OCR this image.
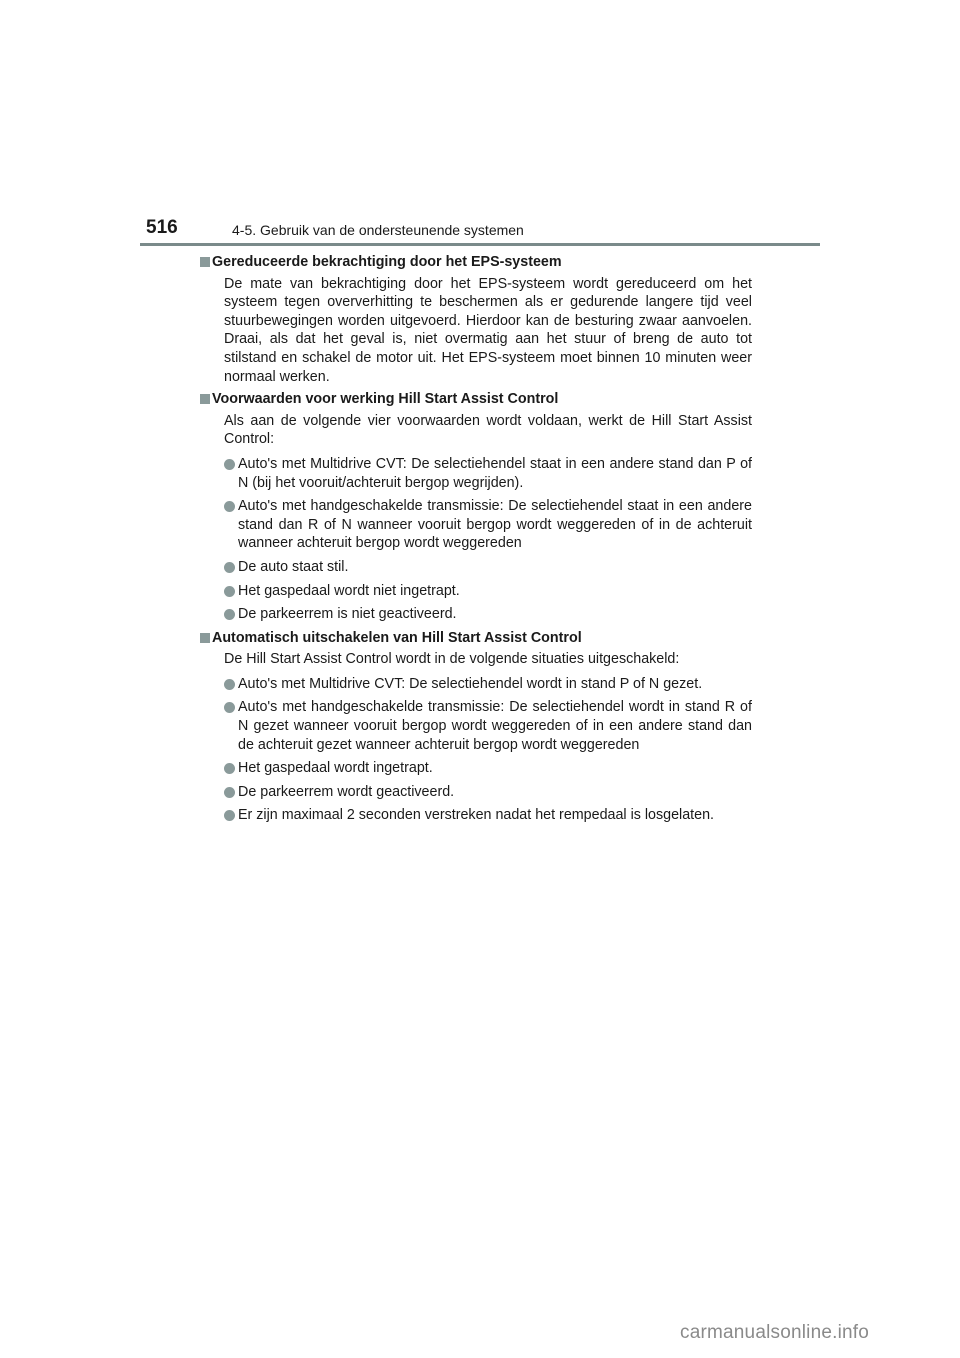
516	4-5. Gebruik van de ondersteunende systemen
Gereduceerde bekrachtiging door het EPS-systeem

De mate van bekrachtiging door het EPS-systeem wordt gereduceerd om het systeem tegen oververhitting te beschermen als er gedurende langere tijd veel stuurbewegingen worden uitgevoerd. Hierdoor kan de besturing zwaar aanvoelen. Draai, als dat het geval is, niet overmatig aan het stuur of breng de auto tot stilstand en schakel de motor uit. Het EPS-systeem moet binnen 10 minuten weer normaal werken.

Voorwaarden voor werking Hill Start Assist Control

Als aan de volgende vier voorwaarden wordt voldaan, werkt de Hill Start Assist Control:

Auto's met Multidrive CVT: De selectiehendel staat in een andere stand dan P of N (bij het vooruit/achteruit bergop wegrijden).
Auto's met handgeschakelde transmissie: De selectiehendel staat in een andere stand dan R of N wanneer vooruit bergop wordt weggereden of in de achteruit wanneer achteruit bergop wordt weggereden
De auto staat stil.
Het gaspedaal wordt niet ingetrapt.
De parkeerrem is niet geactiveerd.
Automatisch uitschakelen van Hill Start Assist Control

De Hill Start Assist Control wordt in de volgende situaties uitgeschakeld:

Auto's met Multidrive CVT: De selectiehendel wordt in stand P of N gezet.
Auto's met handgeschakelde transmissie: De selectiehendel wordt in stand R of N gezet wanneer vooruit bergop wordt weggereden of in een andere stand dan de achteruit gezet wanneer achteruit bergop wordt weggereden
Het gaspedaal wordt ingetrapt.
De parkeerrem wordt geactiveerd.
Er zijn maximaal 2 seconden verstreken nadat het rempedaal is losgelaten.
carmanualsonline.info
